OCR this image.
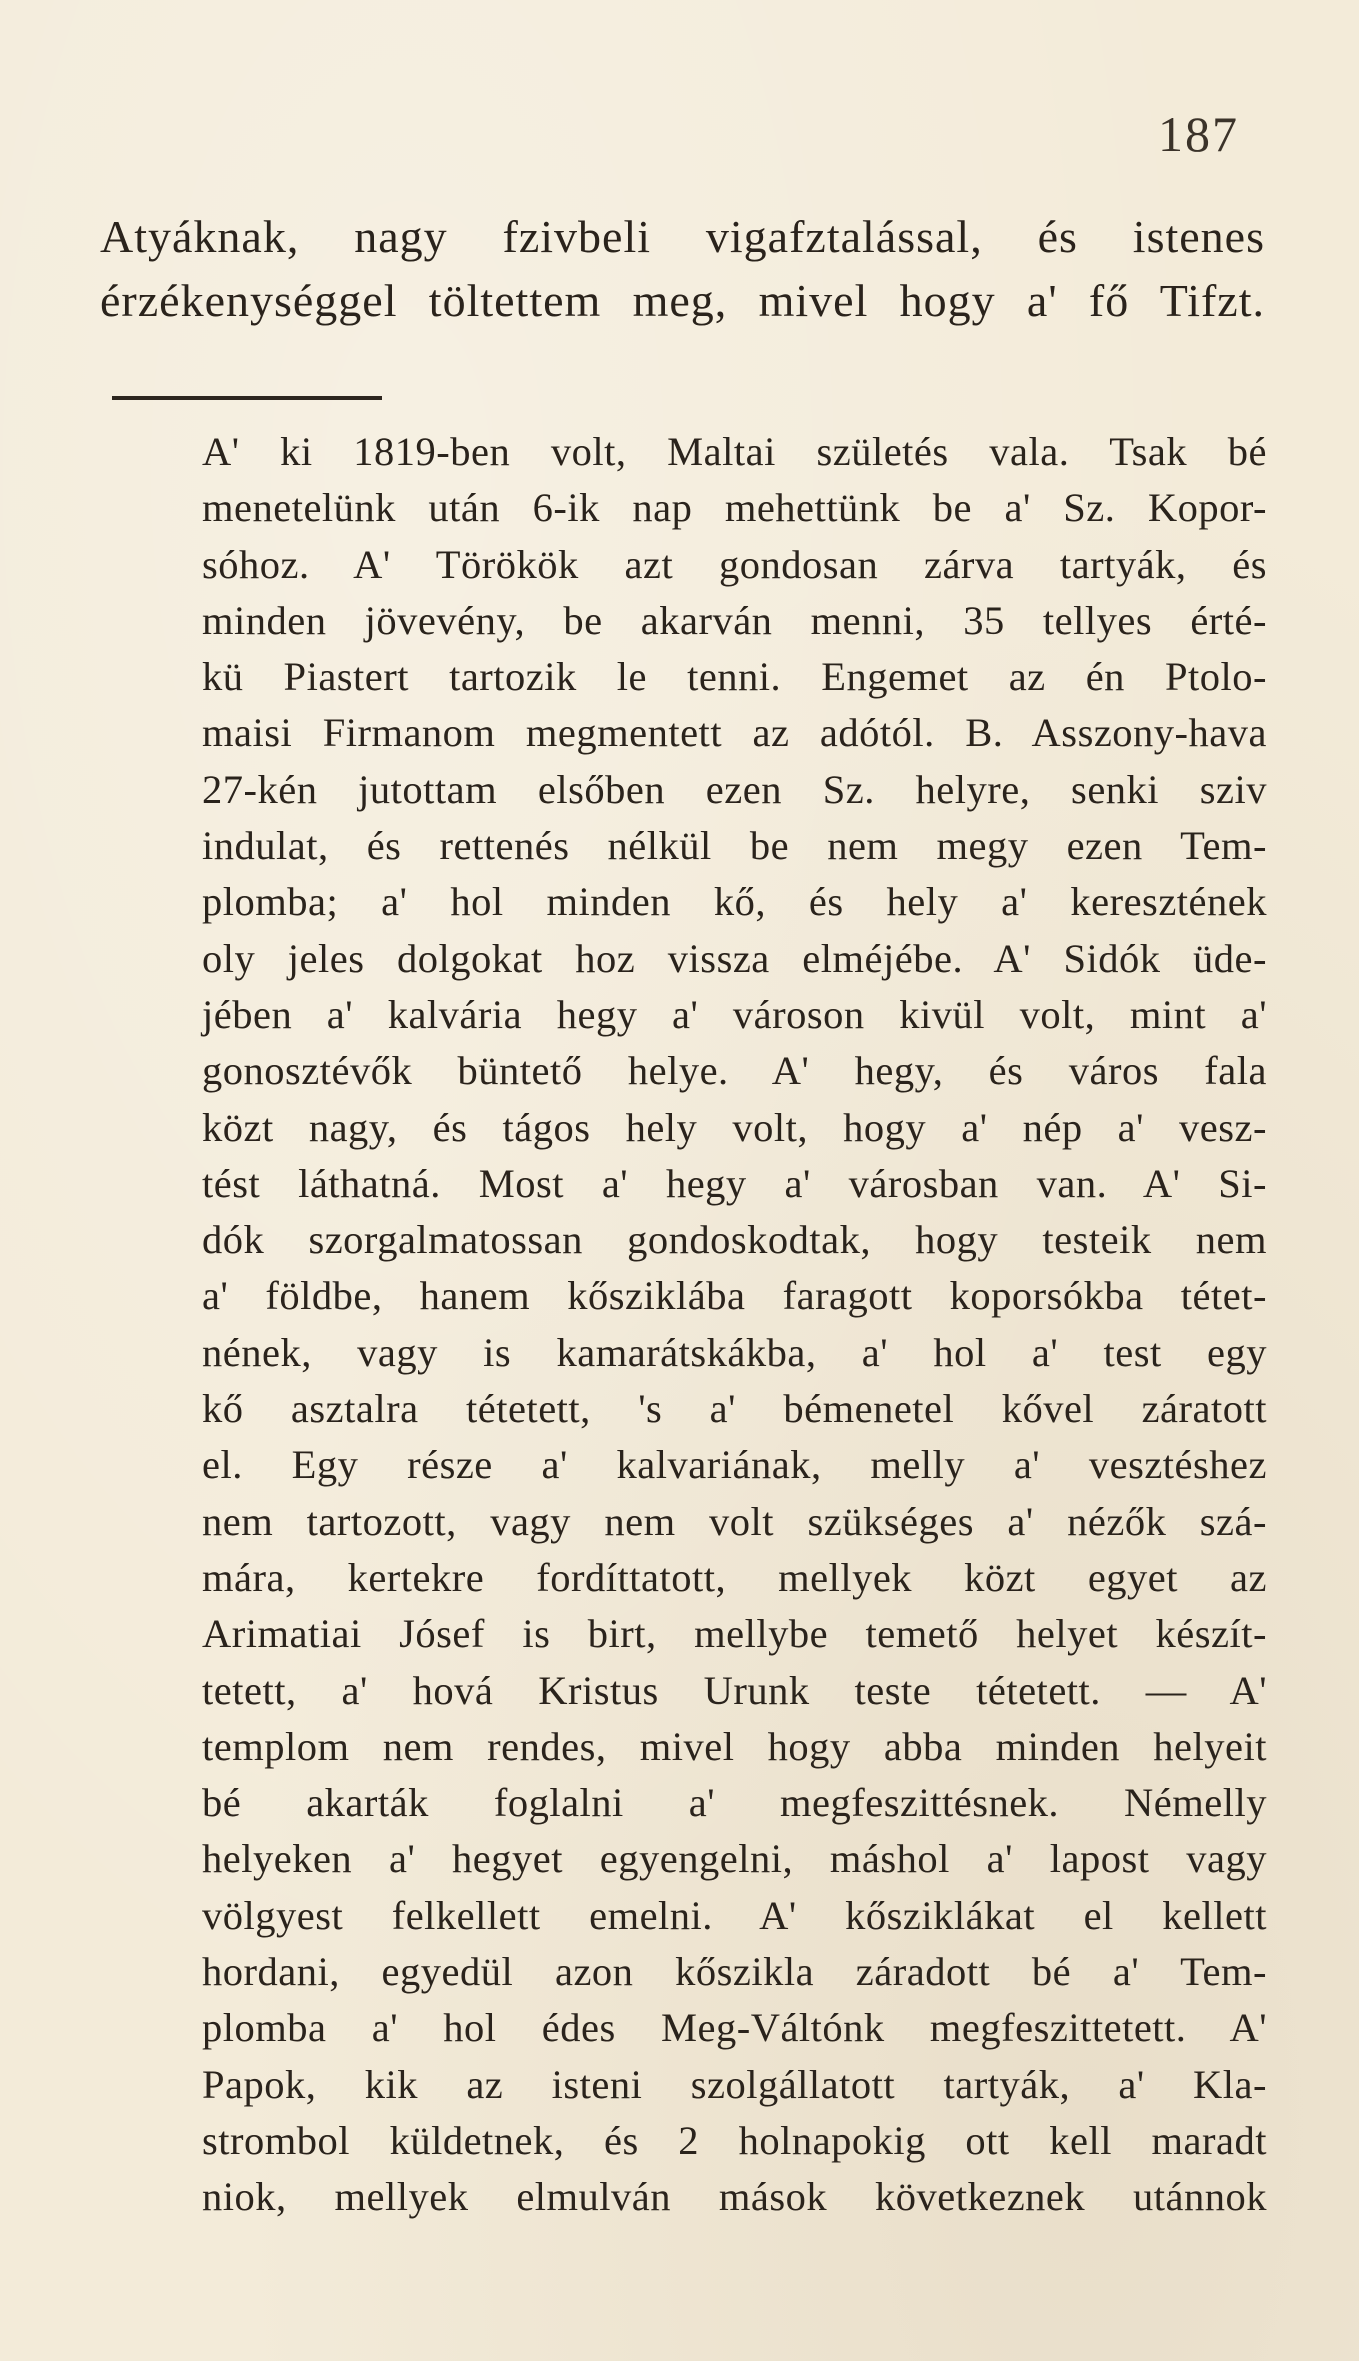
187
Atyáknak, nagy fzivbeli vigafztalással, és istenes
érzékenységgel töltettem meg, mivel hogy a' fő Tifzt.
A' ki 1819-ben volt, Maltai születés vala. Tsak bé
menetelünk után 6-ik nap mehettünk be a' Sz. Kopor-
sóhoz. A' Törökök azt gondosan zárva tartyák, és
minden jövevény, be akarván menni, 35 tellyes érté-
kü Piastert tartozik le tenni. Engemet az én Ptolo-
maisi Firmanom megmentett az adótól. B. Asszony-hava
27-kén jutottam elsőben ezen Sz. helyre, senki sziv
indulat, és rettenés nélkül be nem megy ezen Tem-
plomba; a' hol minden kő, és hely a' keresztének
oly jeles dolgokat hoz vissza elméjébe. A' Sidók üde-
jében a' kalvária hegy a' városon kivül volt, mint a'
gonosztévők büntető helye. A' hegy, és város fala
közt nagy, és tágos hely volt, hogy a' nép a' vesz-
tést láthatná. Most a' hegy a' városban van. A' Si-
dók szorgalmatossan gondoskodtak, hogy testeik nem
a' földbe, hanem kősziklába faragott koporsókba tétet-
nének, vagy is kamarátskákba, a' hol a' test egy
kő asztalra tétetett, 's a' bémenetel kővel záratott
el. Egy része a' kalvariának, melly a' vesztéshez
nem tartozott, vagy nem volt szükséges a' nézők szá-
mára, kertekre fordíttatott, mellyek közt egyet az
Arimatiai Jósef is birt, mellybe temető helyet készít-
tetett, a' hová Kristus Urunk teste tétetett. — A'
templom nem rendes, mivel hogy abba minden helyeit
bé akarták foglalni a' megfeszittésnek. Némelly
helyeken a' hegyet egyengelni, máshol a' lapost vagy
völgyest felkellett emelni. A' kősziklákat el kellett
hordani, egyedül azon kőszikla záradott bé a' Tem-
plomba a' hol édes Meg-Váltónk megfeszittetett. A'
Papok, kik az isteni szolgállatott tartyák, a' Kla-
strombol küldetnek, és 2 holnapokig ott kell maradt
niok, mellyek elmulván mások következnek utánnok
